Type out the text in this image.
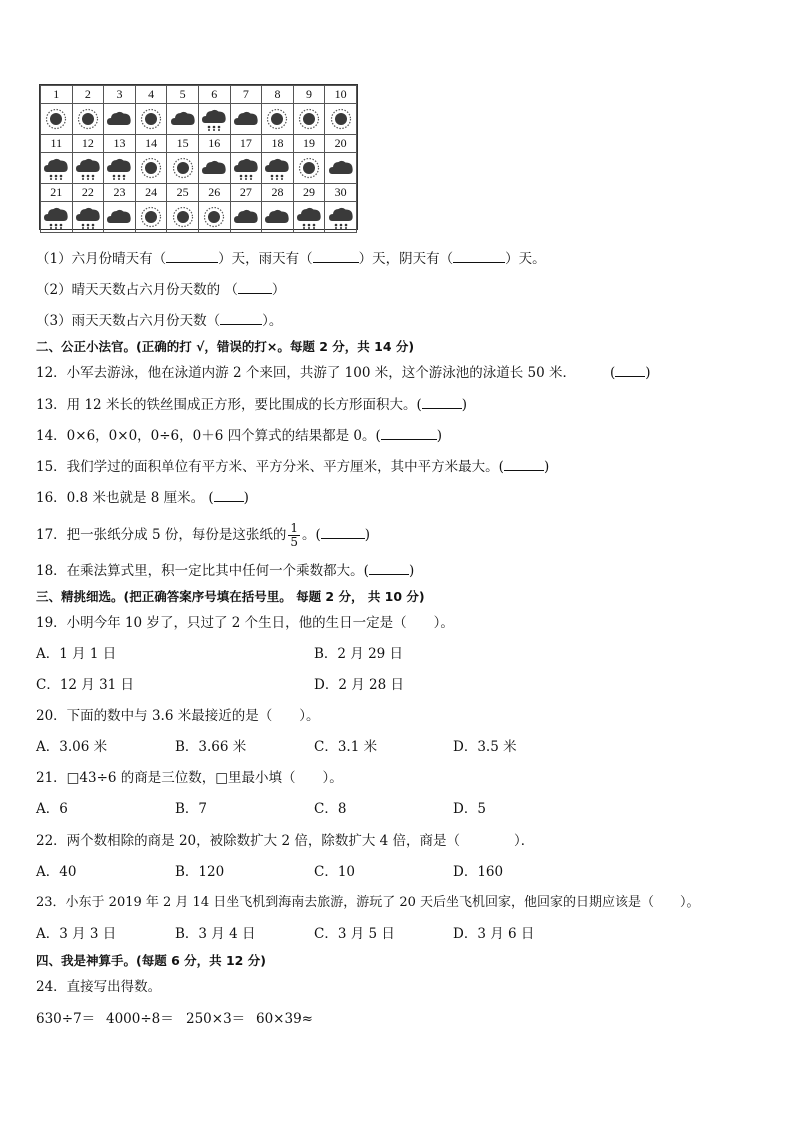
1	2	3	4	5	6	7	8	9	10

11	12	13	14	15	16	17	18	19	20

21	22	23	24	25	26	27	28	29	30

（1）六月份晴天有（	）天，雨天有（	）天，阴天有（	）天。
（2）晴天天数占六月份天数的 （	）
（3）雨天天数占六月份天数（	）。
二、公正小法官。(正确的打 √，错误的打×。每题 2 分，共 14 分)
12．小军去游泳，他在泳道内游 2 个来回，共游了 100 米，这个游泳池的泳道长 50 米．	( )
13．用 12 米长的铁丝围成正方形，要比围成的长方形面积大。(	)
14．0×6，0×0，0÷6，0＋6 四个算式的结果都是 0。(	)
15．我们学过的面积单位有平方米、平方分米、平方厘米，其中平方米最大。(	)
16．0.8 米也就是 8 厘米。 ( )
17．把一张纸分成 5 份，每份是这张纸的 $\frac{1}{5}$ 。(	)
18．在乘法算式里，积一定比其中任何一个乘数都大。(	)
三、精挑细选。(把正确答案序号填在括号里。 每题 2 分， 共 10 分)
19．小明今年 10 岁了，只过了 2 个生日，他的生日一定是（　　）。
A．1 月 1 日	B．2 月 29 日
C．12 月 31 日	D．2 月 28 日
20．下面的数中与 3.6 米最接近的是（　　）。
A．3.06 米	B．3.66 米	C．3.1 米	D．3.5 米
21．□43÷6 的商是三位数，□里最小填（　　）。
A．6	B．7	C．8	D．5
22．两个数相除的商是 20，被除数扩大 2 倍，除数扩大 4 倍，商是（　　　　）．
A．40	B．120	C．10	D．160
23．小东于 2019 年 2 月 14 日坐飞机到海南去旅游，游玩了 20 天后坐飞机回家，他回家的日期应该是（　　）。
A．3 月 3 日	B．3 月 4 日	C．3 月 5 日	D．3 月 6 日
四、我是神算手。(每题 6 分，共 12 分)
24．直接写出得数。
630÷7＝ 4000÷8＝ 250×3＝ 60×39≈
